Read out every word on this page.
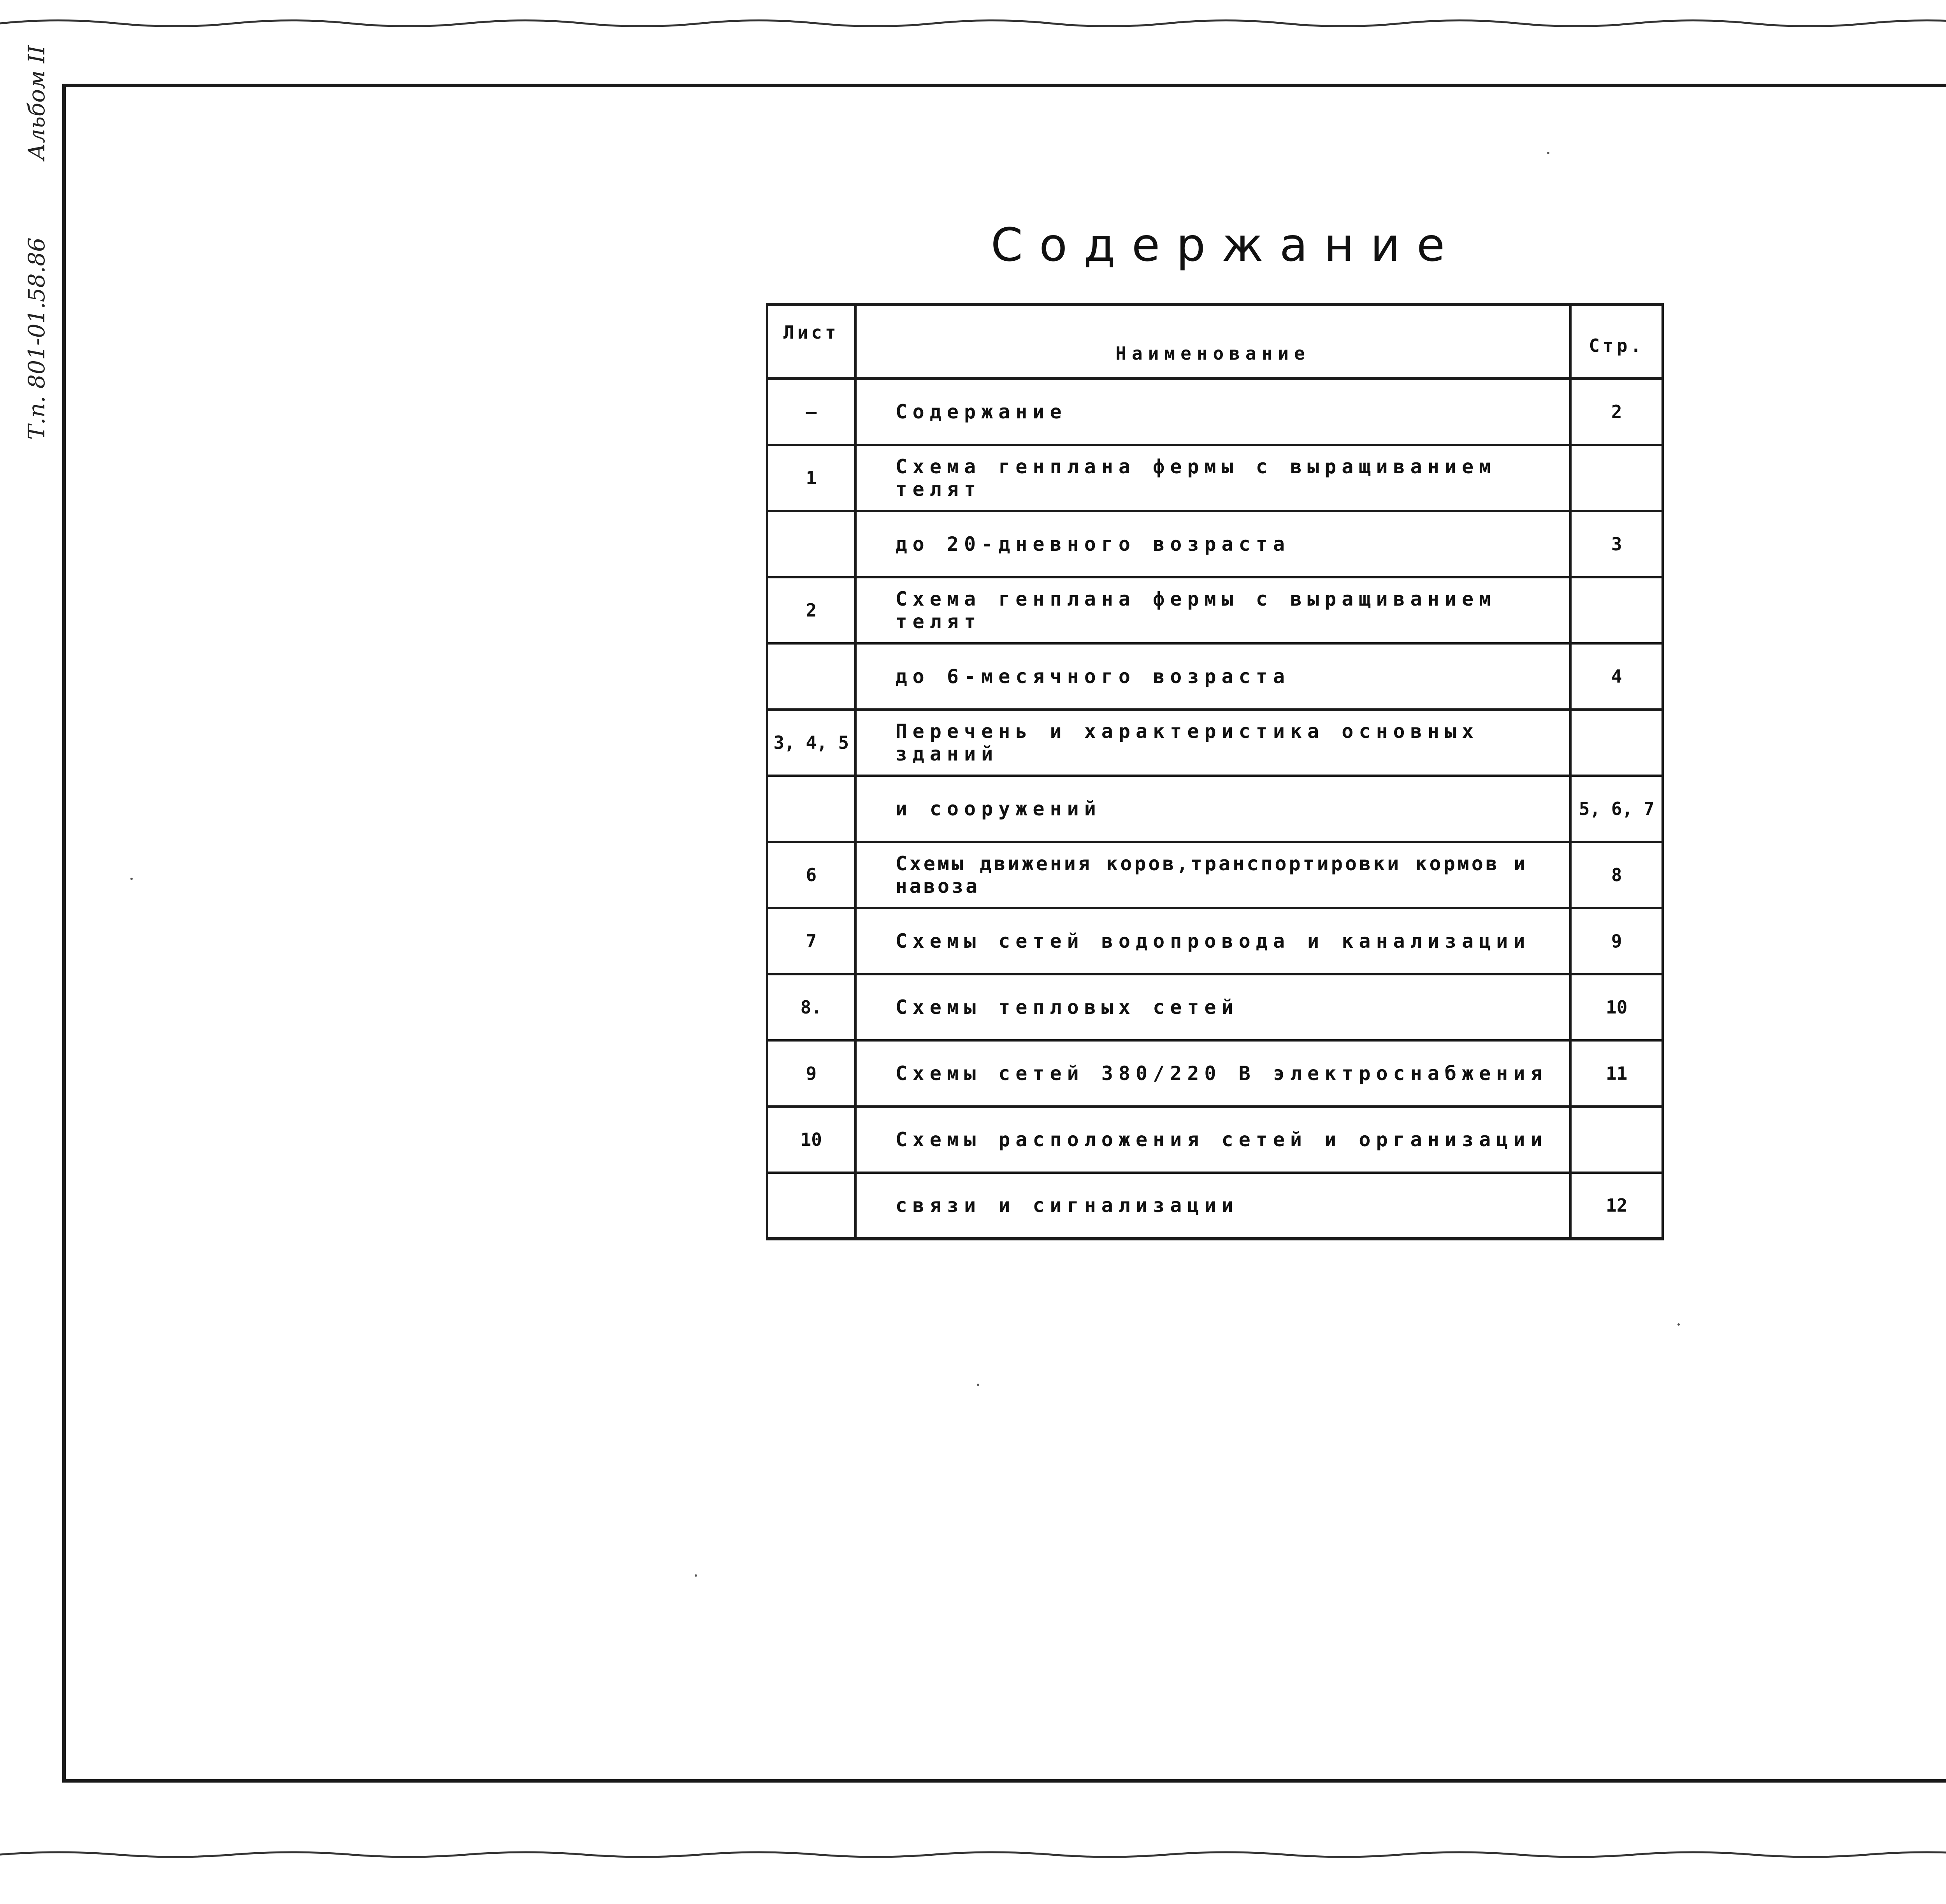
Т.п. 801-01.58.86 Альбом II
Содержание
Лист	Наименование	Стр.
—	Содержание	2
1	Схема генплана фермы с выращиванием телят	
	до 20-дневного возраста	3
2	Схема генплана фермы с выращиванием телят	
	до 6-месячного возраста	4
3, 4, 5	Перечень и характеристика основных зданий	
	и сооружений	5, 6, 7
6	Схемы движения коров,транспортировки кормов и навоза	8
7	Схемы сетей водопровода и канализации	9
8.	Схемы тепловых сетей	10
9	Схемы сетей 380/220 В электроснабжения	11
10	Схемы расположения сетей и организации	
	связи и сигнализации	12
